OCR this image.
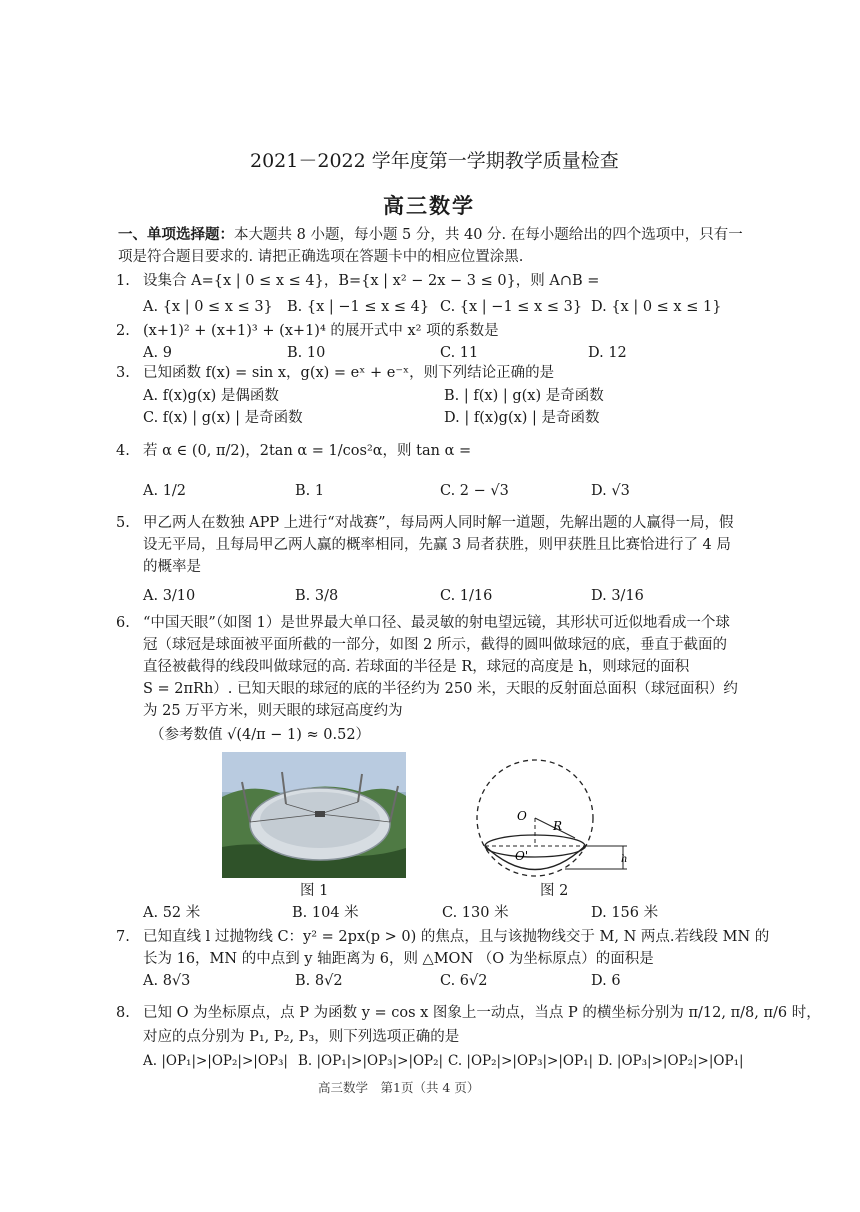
2021－2022 学年度第一学期教学质量检查
高三数学
一、单项选择题：本大题共 8 小题，每小题 5 分，共 40 分. 在每小题给出的四个选项中，只有一
项是符合题目要求的. 请把正确选项在答题卡中的相应位置涂黑.
1. 设集合 A={x | 0 ≤ x ≤ 4}，B={x | x² − 2x − 3 ≤ 0}，则 A∩B =
A. {x | 0 ≤ x ≤ 3} B. {x | −1 ≤ x ≤ 4} C. {x | −1 ≤ x ≤ 3} D. {x | 0 ≤ x ≤ 1}
2. (x+1)² + (x+1)³ + (x+1)⁴ 的展开式中 x² 项的系数是
A. 9	B. 10	C. 11	D. 12
3. 已知函数 f(x) = sin x，g(x) = eˣ + e⁻ˣ，则下列结论正确的是
A. f(x)g(x) 是偶函数	B. | f(x) | g(x) 是奇函数
C. f(x) | g(x) | 是奇函数	D. | f(x)g(x) | 是奇函数
4. 若 α ∈ (0, π/2)，2tan α = 1/cos²α，则 tan α =
A. 1/2	B. 1	C. 2 − √3	D. √3
5. 甲乙两人在数独 APP 上进行“对战赛”，每局两人同时解一道题，先解出题的人赢得一局，假
设无平局，且每局甲乙两人赢的概率相同，先赢 3 局者获胜，则甲获胜且比赛恰进行了 4 局
的概率是
A. 3/10	B. 3/8	C. 1/16	D. 3/16
6. “中国天眼”（如图 1）是世界最大单口径、最灵敏的射电望远镜，其形状可近似地看成一个球
冠（球冠是球面被平面所截的一部分，如图 2 所示，截得的圆叫做球冠的底，垂直于截面的
直径被截得的线段叫做球冠的高. 若球面的半径是 R，球冠的高度是 h，则球冠的面积
S = 2πRh）. 已知天眼的球冠的底的半径约为 250 米，天眼的反射面总面积（球冠面积）约
为 25 万平方米，则天眼的球冠高度约为
（参考数值 √(4/π − 1) ≈ 0.52）
图 1
O
O'
R
h
图 2
A. 52 米	B. 104 米	C. 130 米	D. 156 米
7. 已知直线 l 过抛物线 C：y² = 2px(p > 0) 的焦点，且与该抛物线交于 M, N 两点.若线段 MN 的
长为 16，MN 的中点到 y 轴距离为 6，则 △MON （O 为坐标原点）的面积是
A. 8√3	B. 8√2	C. 6√2	D. 6
8. 已知 O 为坐标原点，点 P 为函数 y = cos x 图象上一动点，当点 P 的横坐标分别为 π/12, π/8, π/6 时，
对应的点分别为 P₁, P₂, P₃，则下列选项正确的是
A. |OP₁|>|OP₂|>|OP₃| B. |OP₁|>|OP₃|>|OP₂| C. |OP₂|>|OP₃|>|OP₁| D. |OP₃|>|OP₂|>|OP₁|
高三数学　第1页（共 4 页）
